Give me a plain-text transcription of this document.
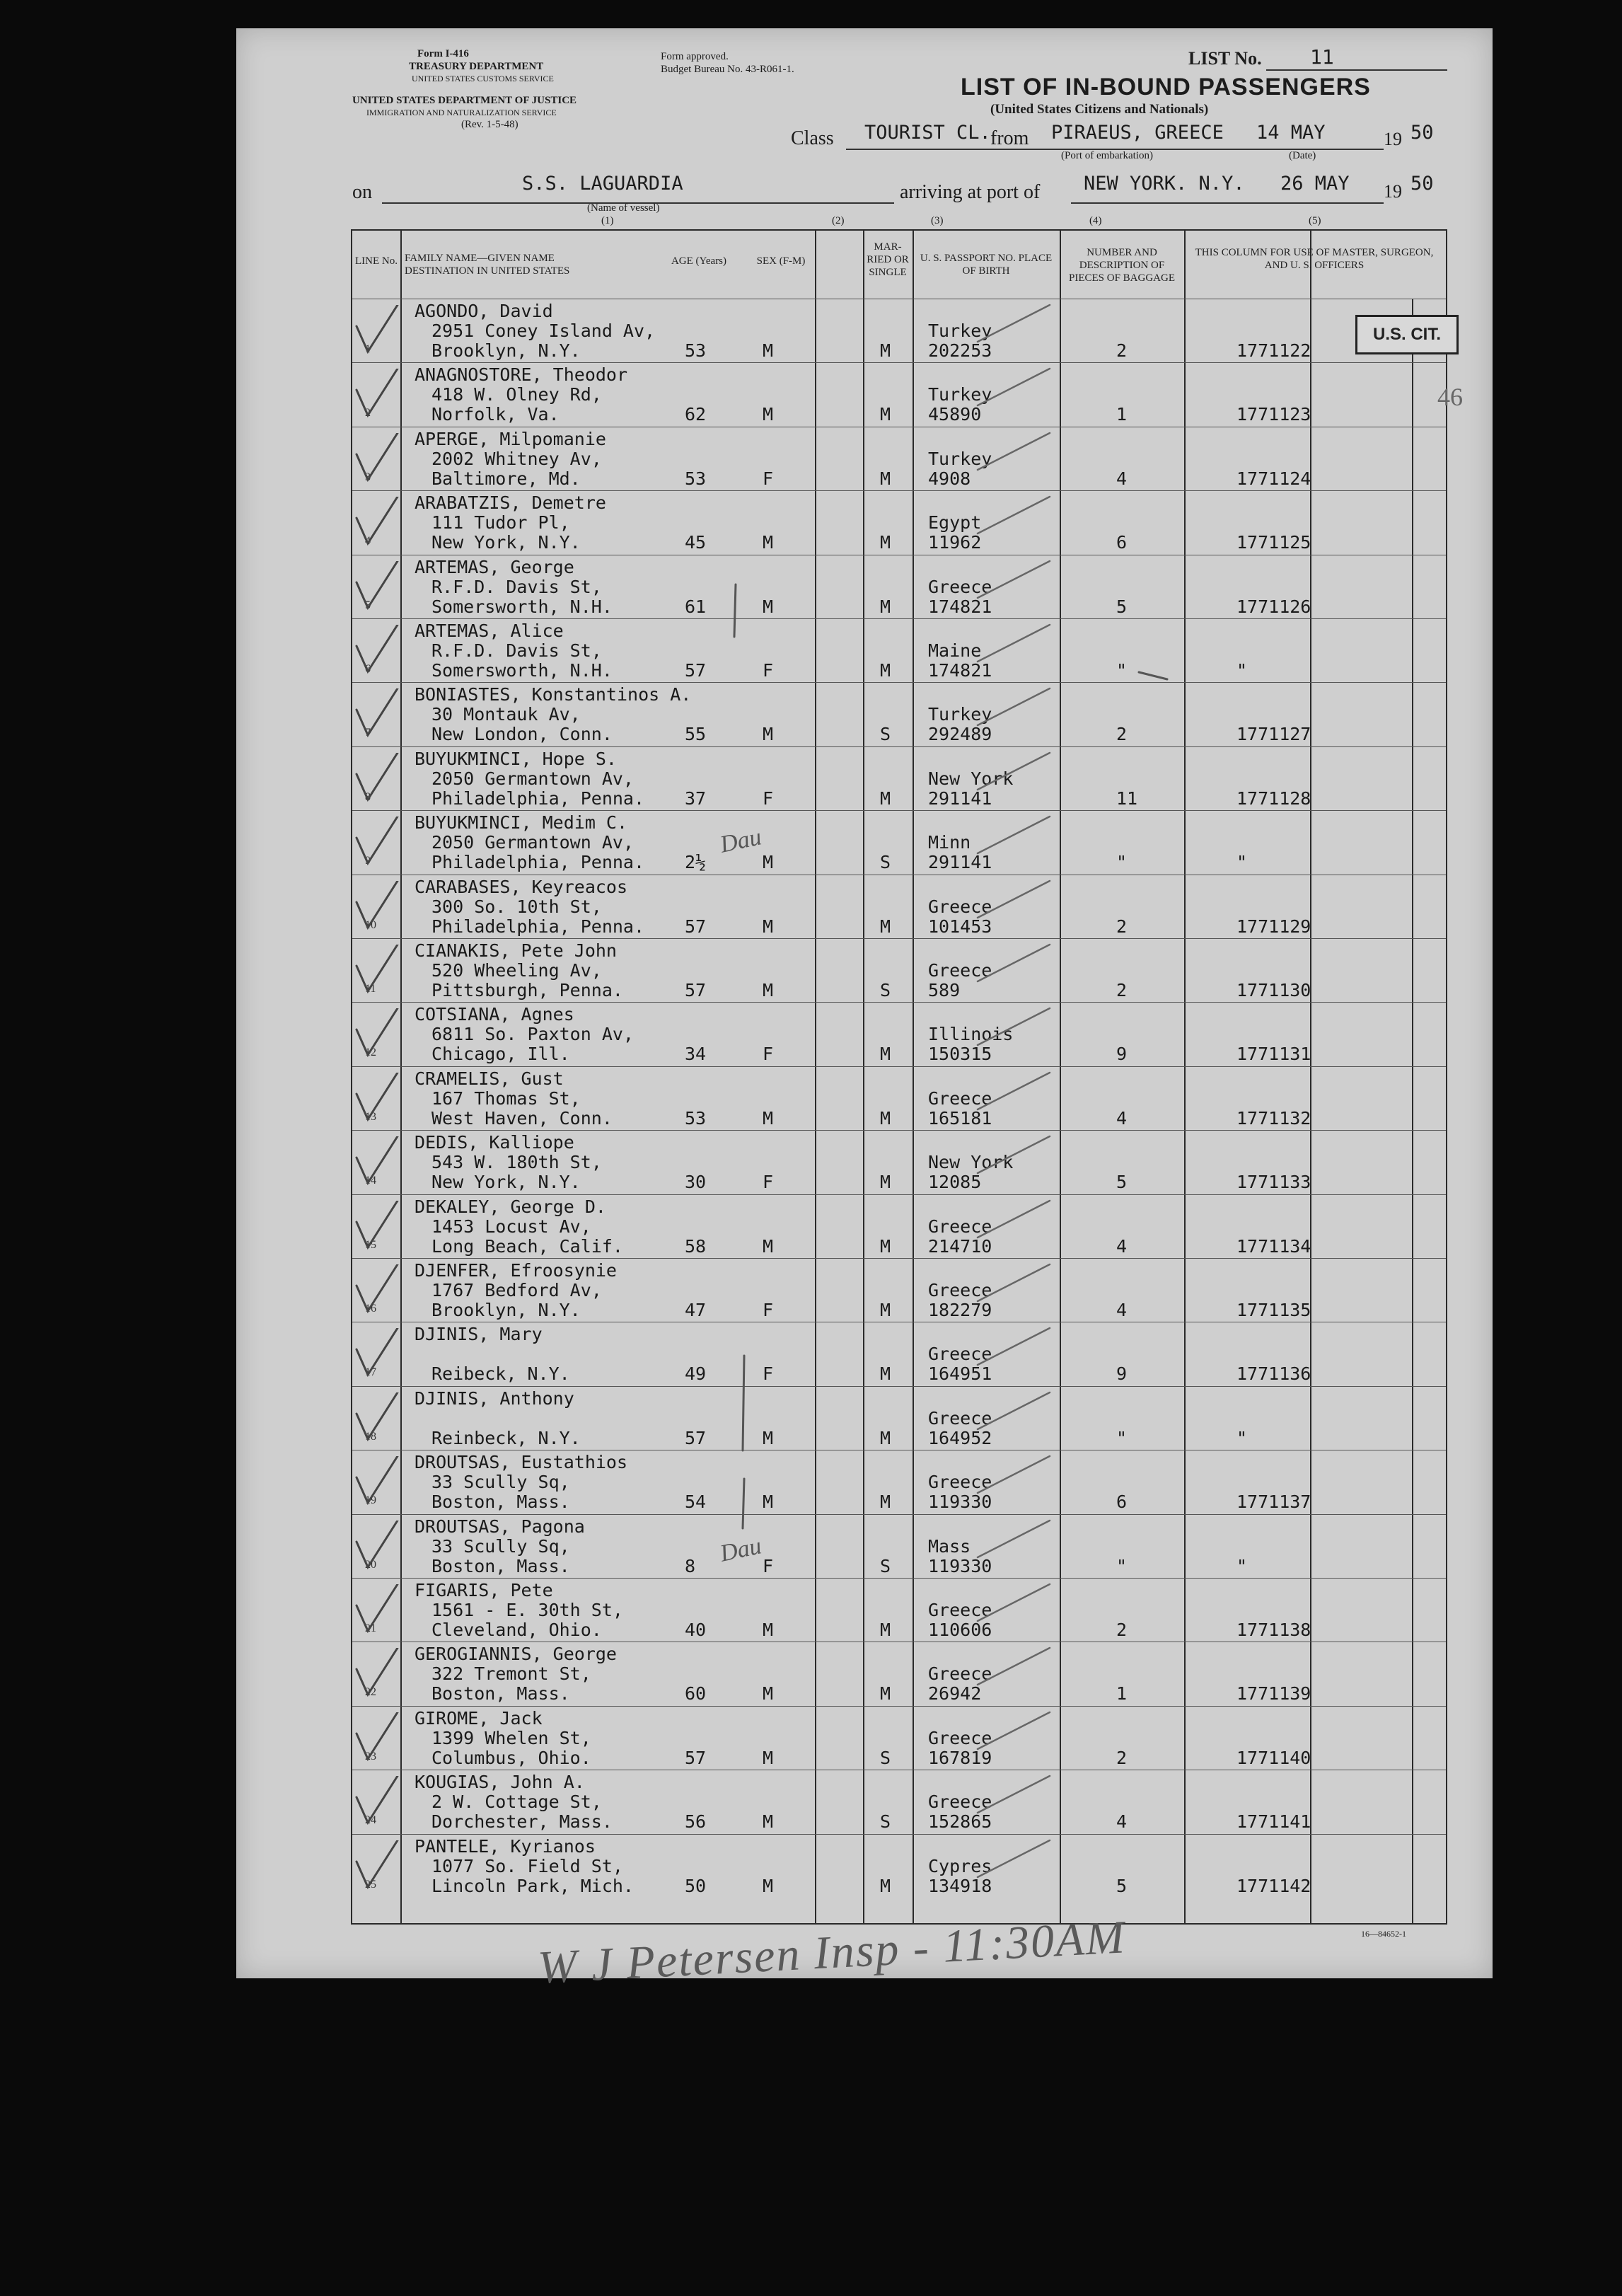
Form I-416
TREASURY DEPARTMENT
UNITED STATES CUSTOMS SERVICE
UNITED STATES DEPARTMENT OF JUSTICE
IMMIGRATION AND NATURALIZATION SERVICE
(Rev. 1-5-48)
Form approved.
Budget Bureau No. 43-R061-1.
LIST No. 11
LIST OF IN-BOUND PASSENGERS
(United States Citizens and Nationals)
Class TOURIST CL. from PIRAEUS, GREECE 14 MAY	19 50
(Port of embarkation)	(Date)
on	S.S. LAGUARDIA	arriving at port of NEW YORK. N.Y. 26 MAY 19 50
(Name of vessel)
(1)	(2)	(3)	(4)	(5)
LINE No. FAMILY NAME—GIVEN NAME DESTINATION IN UNITED STATES
AGE (Years)	SEX (F-M)
MAR- RIED OR SINGLE
U. S. PASSPORT NO. PLACE OF BIRTH
NUMBER AND DESCRIPTION OF PIECES OF BAGGAGE
THIS COLUMN FOR USE OF MASTER, SURGEON, AND U. S. OFFICERS
1
AGONDO, David
2951 Coney Island Av,
Brooklyn, N.Y.	53	M	M
Turkey
202253	2	1771122
2
ANAGNOSTORE, Theodor
418 W. Olney Rd,
Norfolk, Va.	62	M	M
Turkey
45890	1	1771123
3
APERGE, Milpomanie
2002 Whitney Av,
Baltimore, Md.	53	F	M
Turkey
4908	4	1771124
4
ARABATZIS, Demetre
111 Tudor Pl,
New York, N.Y.	45	M	M
Egypt
11962	6	1771125
5
ARTEMAS, George
R.F.D. Davis St,
Somersworth, N.H.	61	M	M
Greece
174821	5	1771126
6
ARTEMAS, Alice
R.F.D. Davis St,
Somersworth, N.H.	57	F	M
Maine
174821	"	"
7
BONIASTES, Konstantinos A.
30 Montauk Av,
New London, Conn.	55	M	S
Turkey
292489	2	1771127
8
BUYUKMINCI, Hope S.
2050 Germantown Av,
Philadelphia, Penna. 37	F	M
New York
291141	11	1771128
9
BUYUKMINCI, Medim C.
2050 Germantown Av,
Philadelphia, Penna. 2½	M	S
Minn
291141	"	"
10
CARABASES, Keyreacos
300 So. 10th St,
Philadelphia, Penna. 57	M	M
Greece
101453	2	1771129
11
CIANAKIS, Pete John
520 Wheeling Av,
Pittsburgh, Penna.	57	M	S
Greece
589	2	1771130
12
COTSIANA, Agnes
6811 So. Paxton Av,
Chicago, Ill.	34	F	M
Illinois
150315	9	1771131
13
CRAMELIS, Gust
167 Thomas St,
West Haven, Conn.	53	M	M
Greece
165181	4	1771132
14
DEDIS, Kalliope
543 W. 180th St,
New York, N.Y.	30	F	M
New York
12085	5	1771133
15
DEKALEY, George D.
1453 Locust Av,
Long Beach, Calif.	58	M	M
Greece
214710	4	1771134
16
DJENFER, Efroosynie
1767 Bedford Av,
Brooklyn, N.Y.	47	F	M
Greece
182279	4	1771135
17
DJINIS, Mary
Reibeck, N.Y.	49	F	M
Greece
164951	9	1771136
18
DJINIS, Anthony
Reinbeck, N.Y.	57	M	M
Greece
164952	"	"
19
DROUTSAS, Eustathios
33 Scully Sq,
Boston, Mass.	54	M	M
Greece
119330	6	1771137
20
DROUTSAS, Pagona
33 Scully Sq,
Boston, Mass.	8	F	S
Mass
119330	"	"
21
FIGARIS, Pete
1561 - E. 30th St,
Cleveland, Ohio.	40	M	M
Greece
110606	2	1771138
22
GEROGIANNIS, George
322 Tremont St,
Boston, Mass.	60	M	M
Greece
26942	1	1771139
23
GIROME, Jack
1399 Whelen St,
Columbus, Ohio.	57	M	S
Greece
167819	2	1771140
24
KOUGIAS, John A.
2 W. Cottage St,
Dorchester, Mass.	56	M	S
Greece
152865	4	1771141
25
PANTELE, Kyrianos
1077 So. Field St,
Lincoln Park, Mich.	50	M	M
Cypres
134918	5	1771142
U.S. CIT.
46
16—84652-1
Dau
Dau
W J Petersen Insp - 11:30AM
